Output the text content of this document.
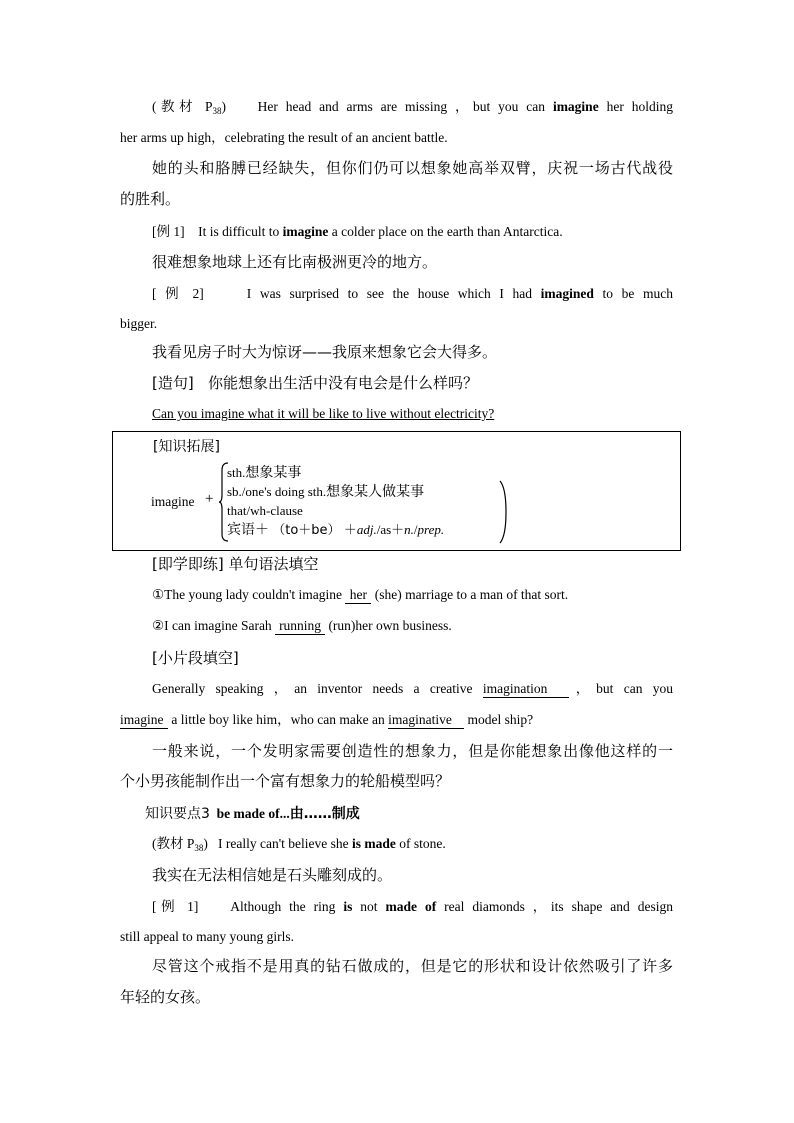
(教材 $P_{38}$) Her head and arms are missing ，but you can imagine her holding
her arms up high，celebrating the result of an ancient battle.
她的头和胳膊已经缺失，但你们仍可以想象她高举双臂，庆祝一场古代战役
的胜利。
[例 1] It is difficult to imagine a colder place on the earth than Antarctica.
很难想象地球上还有比南极洲更冷的地方。
[ 例 2]	I was surprised to see the house which I had imagined to be much
bigger.
我看见房子时大为惊讶——我原来想象它会大得多。
[造句] 你能想象出生活中没有电会是什么样吗？
Can you imagine what it will be like to live without electricity?
[知识拓展]
imagine +
sth.想象某事
sb./one's doing sth.想象某人做某事
that/wh-clause
宾语＋ （to＋be） ＋adj./as＋n./prep.
[即学即练] 单句语法填空
①The young lady couldn't imagine her (she) marriage to a man of that sort.
②I can imagine Sarah running (run)her own business.
[小片段填空]
Generally speaking ，an inventor needs a creative imagination ，but can you
imagine a little boy like him，who can make an imaginative model ship?
一般来说，一个发明家需要创造性的想象力，但是你能想象出像他这样的一
个小男孩能制作出一个富有想象力的轮船模型吗？
知识要点3 be made of...由……制成
(教材 $P_{38}$) I really can't believe she is made of stone.
我实在无法相信她是石头雕刻成的。
[例 1] Although the ring is not made of real diamonds ，its shape and design
still appeal to many young girls.
尽管这个戒指不是用真的钻石做成的，但是它的形状和设计依然吸引了许多
年轻的女孩。
